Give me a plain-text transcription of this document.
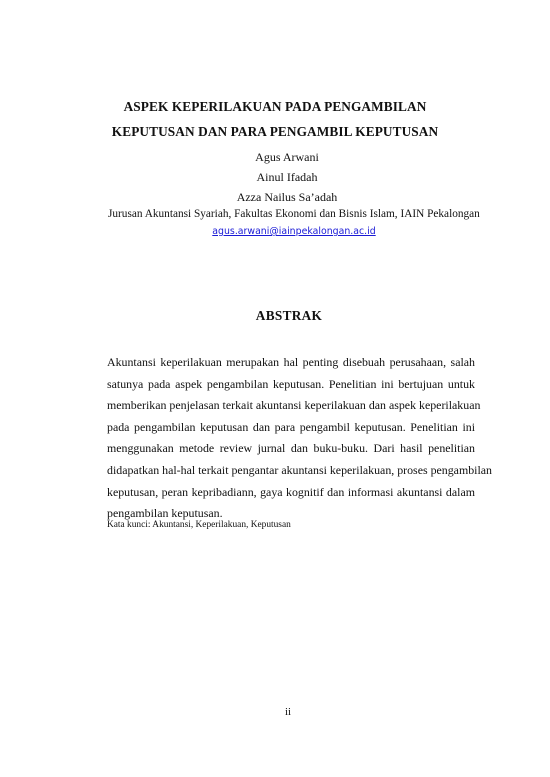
ASPEK KEPERILAKUAN PADA PENGAMBILAN
KEPUTUSAN DAN PARA PENGAMBIL KEPUTUSAN
Agus Arwani
Ainul Ifadah
Azza Nailus Sa’adah
Jurusan Akuntansi Syariah, Fakultas Ekonomi dan Bisnis Islam, IAIN Pekalongan
agus.arwani@iainpekalongan.ac.id
ABSTRAK
Akuntansi keperilakuan merupakan hal penting disebuah perusahaan, salah
satunya pada aspek pengambilan keputusan. Penelitian ini bertujuan untuk
memberikan penjelasan terkait akuntansi keperilakuan dan aspek keperilakuan
pada pengambilan keputusan dan para pengambil keputusan. Penelitian ini
menggunakan metode review jurnal dan buku-buku. Dari hasil penelitian
didapatkan hal-hal terkait pengantar akuntansi keperilakuan, proses pengambilan
keputusan, peran kepribadiann, gaya kognitif dan informasi akuntansi dalam
pengambilan keputusan.
Kata kunci: Akuntansi, Keperilakuan, Keputusan
ii
